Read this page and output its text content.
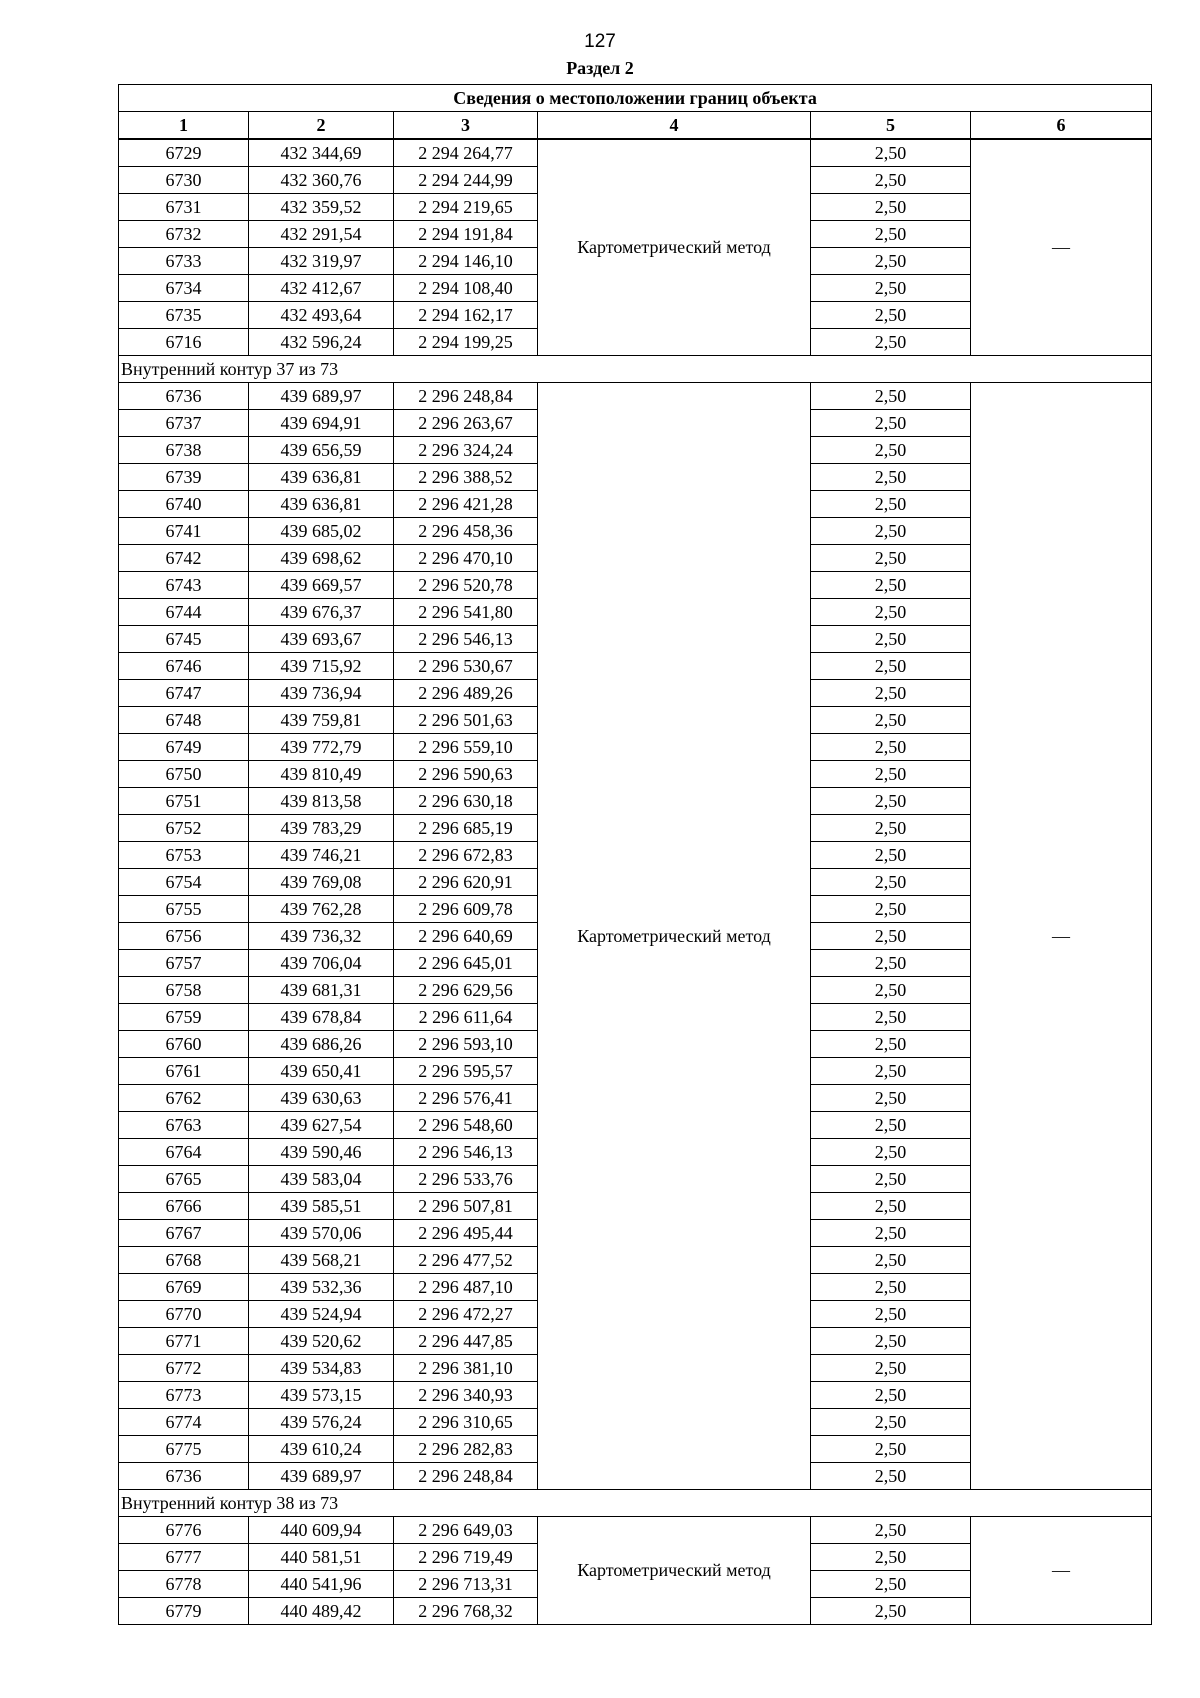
127
Раздел 2
Сведения о местоположении границ объекта					
1	2	3	4	5	6
6729	432 344,69	2 294 264,77	Картометрический метод	2,50	—
6730	432 360,76	2 294 244,99		2,50	
6731	432 359,52	2 294 219,65		2,50	
6732	432 291,54	2 294 191,84		2,50	
6733	432 319,97	2 294 146,10		2,50	
6734	432 412,67	2 294 108,40		2,50	
6735	432 493,64	2 294 162,17		2,50	
6716	432 596,24	2 294 199,25		2,50	
Внутренний контур 37 из 73					
6736	439 689,97	2 296 248,84	Картометрический метод	2,50	—
6737	439 694,91	2 296 263,67		2,50	
6738	439 656,59	2 296 324,24		2,50	
6739	439 636,81	2 296 388,52		2,50	
6740	439 636,81	2 296 421,28		2,50	
6741	439 685,02	2 296 458,36		2,50	
6742	439 698,62	2 296 470,10		2,50	
6743	439 669,57	2 296 520,78		2,50	
6744	439 676,37	2 296 541,80		2,50	
6745	439 693,67	2 296 546,13		2,50	
6746	439 715,92	2 296 530,67		2,50	
6747	439 736,94	2 296 489,26		2,50	
6748	439 759,81	2 296 501,63		2,50	
6749	439 772,79	2 296 559,10		2,50	
6750	439 810,49	2 296 590,63		2,50	
6751	439 813,58	2 296 630,18		2,50	
6752	439 783,29	2 296 685,19		2,50	
6753	439 746,21	2 296 672,83		2,50	
6754	439 769,08	2 296 620,91		2,50	
6755	439 762,28	2 296 609,78		2,50	
6756	439 736,32	2 296 640,69		2,50	
6757	439 706,04	2 296 645,01		2,50	
6758	439 681,31	2 296 629,56		2,50	
6759	439 678,84	2 296 611,64		2,50	
6760	439 686,26	2 296 593,10		2,50	
6761	439 650,41	2 296 595,57		2,50	
6762	439 630,63	2 296 576,41		2,50	
6763	439 627,54	2 296 548,60		2,50	
6764	439 590,46	2 296 546,13		2,50	
6765	439 583,04	2 296 533,76		2,50	
6766	439 585,51	2 296 507,81		2,50	
6767	439 570,06	2 296 495,44		2,50	
6768	439 568,21	2 296 477,52		2,50	
6769	439 532,36	2 296 487,10		2,50	
6770	439 524,94	2 296 472,27		2,50	
6771	439 520,62	2 296 447,85		2,50	
6772	439 534,83	2 296 381,10		2,50	
6773	439 573,15	2 296 340,93		2,50	
6774	439 576,24	2 296 310,65		2,50	
6775	439 610,24	2 296 282,83		2,50	
6736	439 689,97	2 296 248,84		2,50	
Внутренний контур 38 из 73					
6776	440 609,94	2 296 649,03	Картометрический метод	2,50	—
6777	440 581,51	2 296 719,49		2,50	
6778	440 541,96	2 296 713,31		2,50	
6779	440 489,42	2 296 768,32		2,50	
